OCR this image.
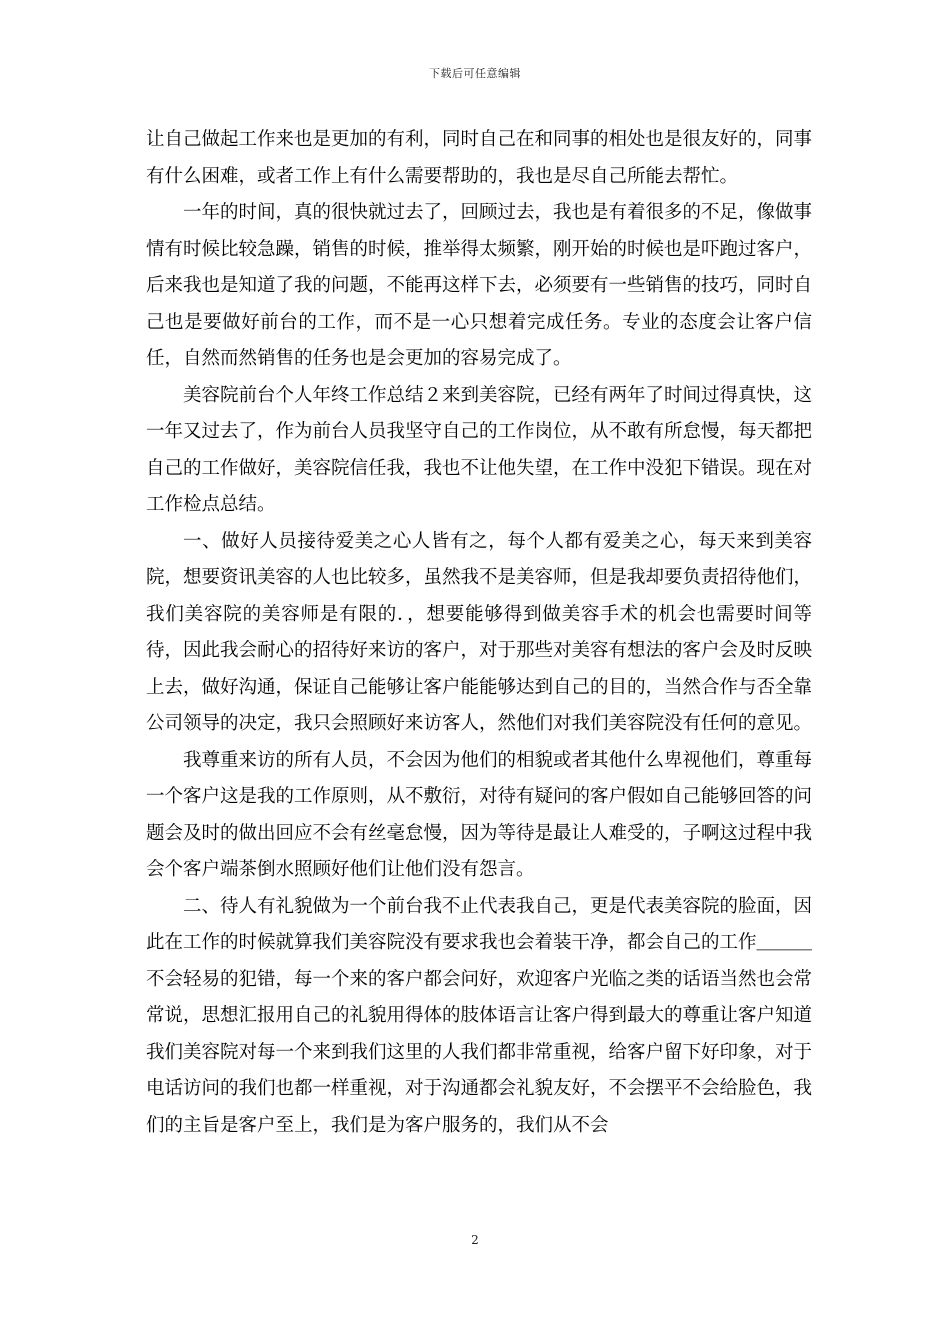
下载后可任意编辑

让自己做起工作来也是更加的有利，同时自己在和同事的相处也是很友好的，同事有什么困难，或者工作上有什么需要帮助的，我也是尽自己所能去帮忙。

一年的时间，真的很快就过去了，回顾过去，我也是有着很多的不足，像做事情有时候比较急躁，销售的时候，推举得太频繁，刚开始的时候也是吓跑过客户，后来我也是知道了我的问题，不能再这样下去，必须要有一些销售的技巧，同时自己也是要做好前台的工作，而不是一心只想着完成任务。专业的态度会让客户信任，自然而然销售的任务也是会更加的容易完成了。

美容院前台个人年终工作总结２来到美容院，已经有两年了时间过得真快，这一年又过去了，作为前台人员我坚守自己的工作岗位，从不敢有所怠慢，每天都把自己的工作做好，美容院信任我，我也不让他失望，在工作中没犯下错误。现在对工作检点总结。

一、做好人员接待爱美之心人皆有之，每个人都有爱美之心，每天来到美容院，想要资讯美容的人也比较多，虽然我不是美容师，但是我却要负责招待他们，我们美容院的美容师是有限的．，想要能够得到做美容手术的机会也需要时间等待，因此我会耐心的招待好来访的客户，对于那些对美容有想法的客户会及时反映上去，做好沟通，保证自己能够让客户能能够达到自己的目的，当然合作与否全靠公司领导的决定，我只会照顾好来访客人，然他们对我们美容院没有任何的意见。

我尊重来访的所有人员，不会因为他们的相貌或者其他什么卑视他们，尊重每一个客户这是我的工作原则，从不敷衍，对待有疑问的客户假如自己能够回答的问题会及时的做出回应不会有丝毫怠慢，因为等待是最让人难受的，子啊这过程中我会个客户端茶倒水照顾好他们让他们没有怨言。

二、待人有礼貌做为一个前台我不止代表我自己，更是代表美容院的脸面，因此在工作的时候就算我们美容院没有要求我也会着装干净，都会自己的工作＿＿＿不会轻易的犯错，每一个来的客户都会问好，欢迎客户光临之类的话语当然也会常常说，思想汇报用自己的礼貌用得体的肢体语言让客户得到最大的尊重让客户知道我们美容院对每一个来到我们这里的人我们都非常重视，给客户留下好印象，对于电话访问的我们也都一样重视，对于沟通都会礼貌友好，不会摆平不会给脸色，我们的主旨是客户至上，我们是为客户服务的，我们从不会

2
